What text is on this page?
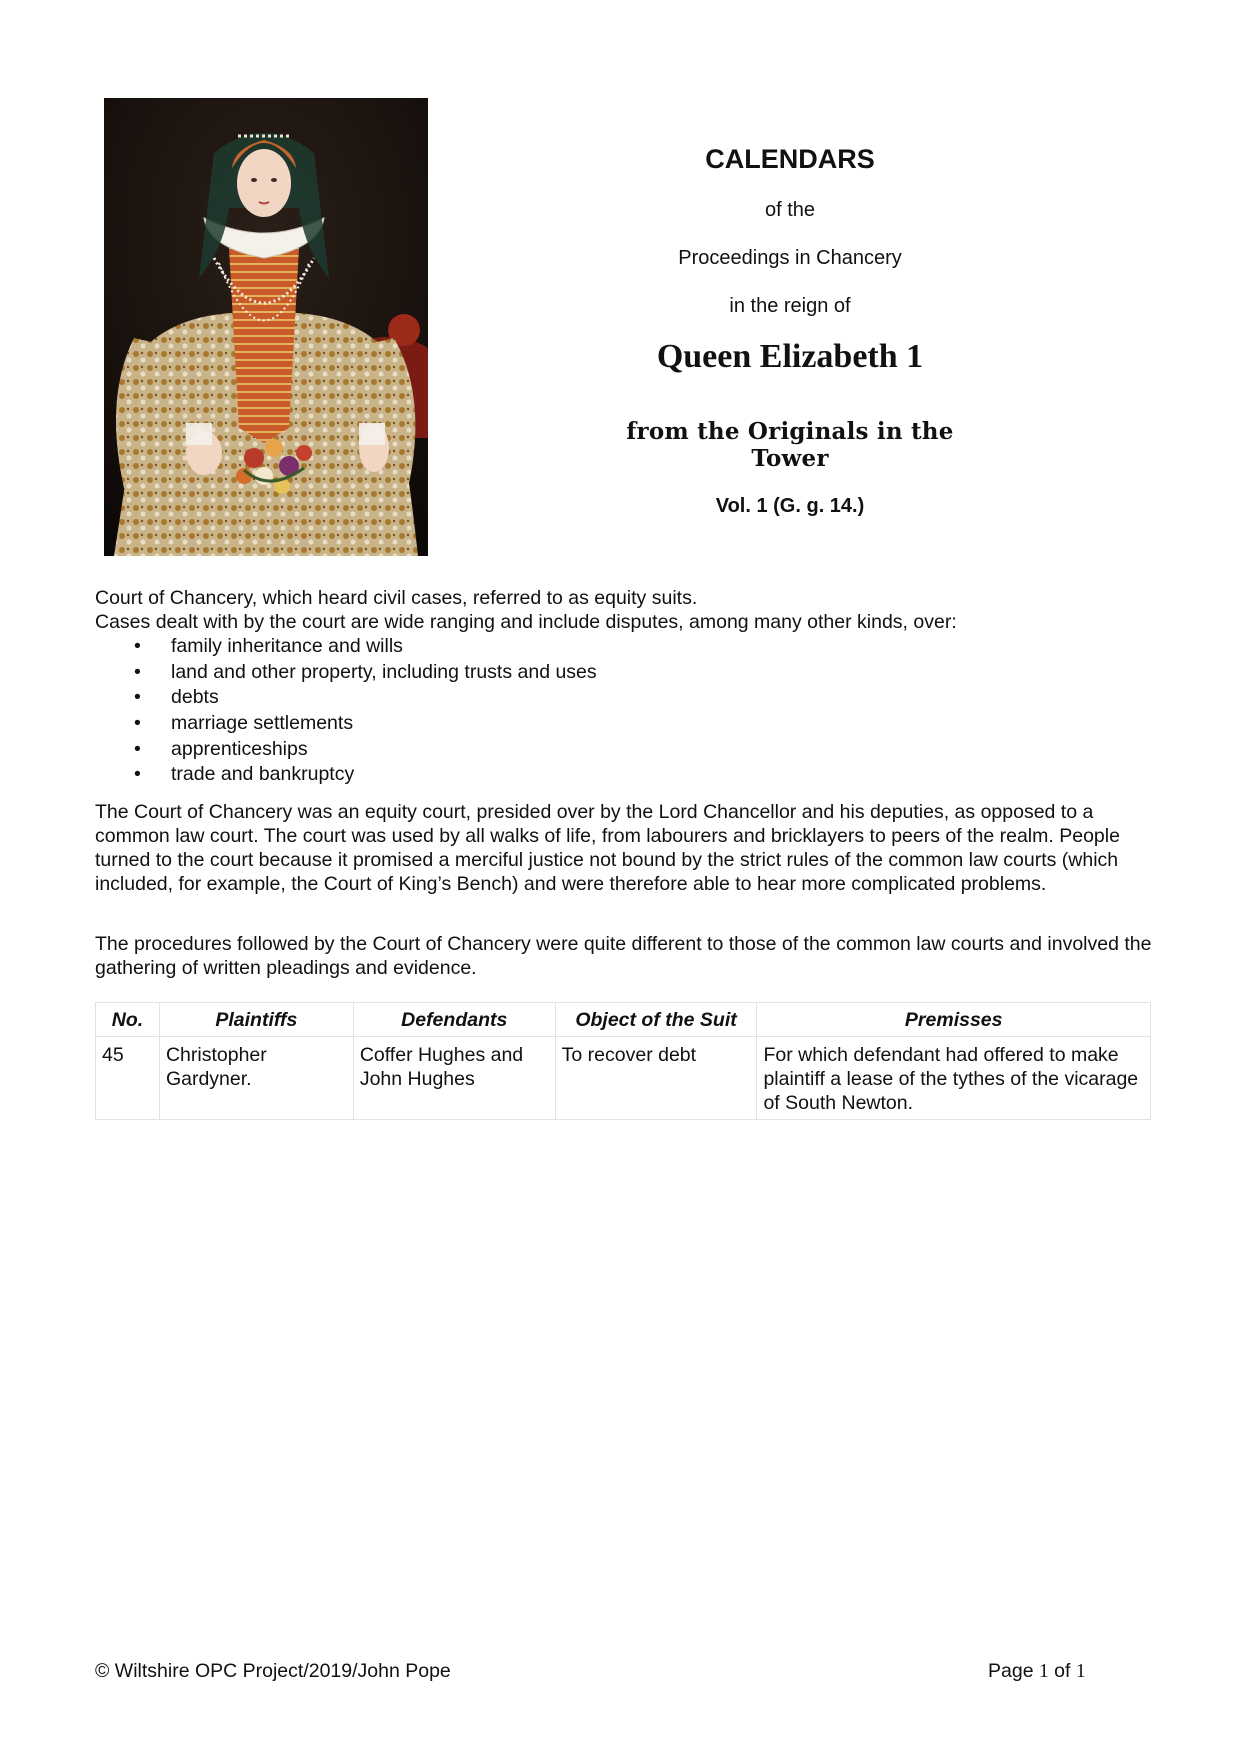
CALENDARS

of the

Proceedings in Chancery

in the reign of

Queen Elizabeth 1

from the Originals in the Tower

Vol. 1 (G. g. 14.)

Court of Chancery, which heard civil cases, referred to as equity suits.

Cases dealt with by the court are wide ranging and include disputes, among many other kinds, over:

• family inheritance and wills
• land and other property, including trusts and uses
• debts
• marriage settlements
• apprenticeships
• trade and bankruptcy

The Court of Chancery was an equity court, presided over by the Lord Chancellor and his deputies, as opposed to a common law court. The court was used by all walks of life, from labourers and bricklayers to peers of the realm. People turned to the court because it promised a merciful justice not bound by the strict rules of the common law courts (which included, for example, the Court of King’s Bench) and were therefore able to hear more complicated problems.

The procedures followed by the Court of Chancery were quite different to those of the common law courts and involved the gathering of written pleadings and evidence.

No.	Plaintiffs	Defendants	Object of the Suit	Premisses
45	Christopher Gardyner.	Coffer Hughes and John Hughes	To recover debt	For which defendant had offered to make plaintiff a lease of the tythes of the vicarage of South Newton.
© Wiltshire OPC Project/2019/John Pope	Page 1 of 1
